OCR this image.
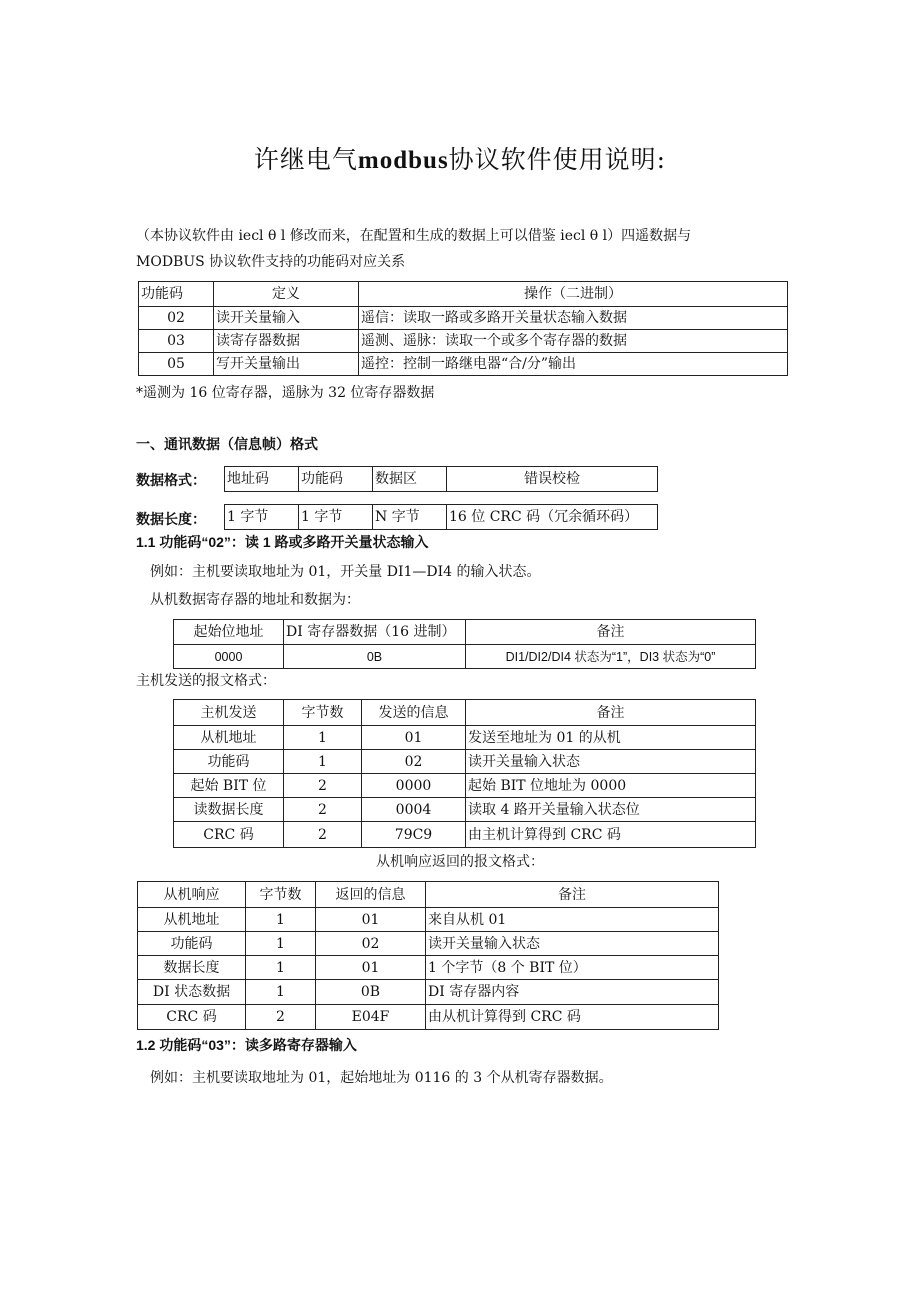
许继电气modbus协议软件使用说明:
（本协议软件由 iecl θ l 修改而来，在配置和生成的数据上可以借鉴 iecl θ l）四遥数据与
MODBUS 协议软件支持的功能码对应关系
功能码	定义	操作（二进制）
02	读开关量输入	遥信：读取一路或多路开关量状态输入数据
03	读寄存器数据	遥测、遥脉：读取一个或多个寄存器的数据
05	写开关量输出	遥控：控制一路继电器“合/分”输出
*遥测为 16 位寄存器，遥脉为 32 位寄存器数据
一、通讯数据（信息帧）格式
数据格式： 地址码	功能码	数据区	错误校检
数据长度： 1 字节	1 字节	N 字节	16 位 CRC 码（冗余循环码）
1.1 功能码“02”：读 1 路或多路开关量状态输入
例如：主机要读取地址为 01，开关量 DI1—DI4 的输入状态。
从机数据寄存器的地址和数据为：
起始位地址	DI 寄存器数据（16 进制）	备注
0000	0B	DI1/DI2/DI4 状态为“1”，DI3 状态为“0”
主机发送的报文格式：
主机发送	字节数	发送的信息	备注
从机地址	1	01	发送至地址为 01 的从机
功能码	1	02	读开关量输入状态
起始 BIT 位	2	0000	起始 BIT 位地址为 0000
读数据长度	2	0004	读取 4 路开关量输入状态位
CRC 码	2	79C9	由主机计算得到 CRC 码
从机响应返回的报文格式：
从机响应	字节数	返回的信息	备注
从机地址	1	01	来自从机 01
功能码	1	02	读开关量输入状态
数据长度	1	01	1 个字节（8 个 BIT 位）
DI 状态数据	1	0B	DI 寄存器内容
CRC 码	2	E04F	由从机计算得到 CRC 码
1.2 功能码“03”：读多路寄存器输入
例如：主机要读取地址为 01，起始地址为 0116 的 3 个从机寄存器数据。
